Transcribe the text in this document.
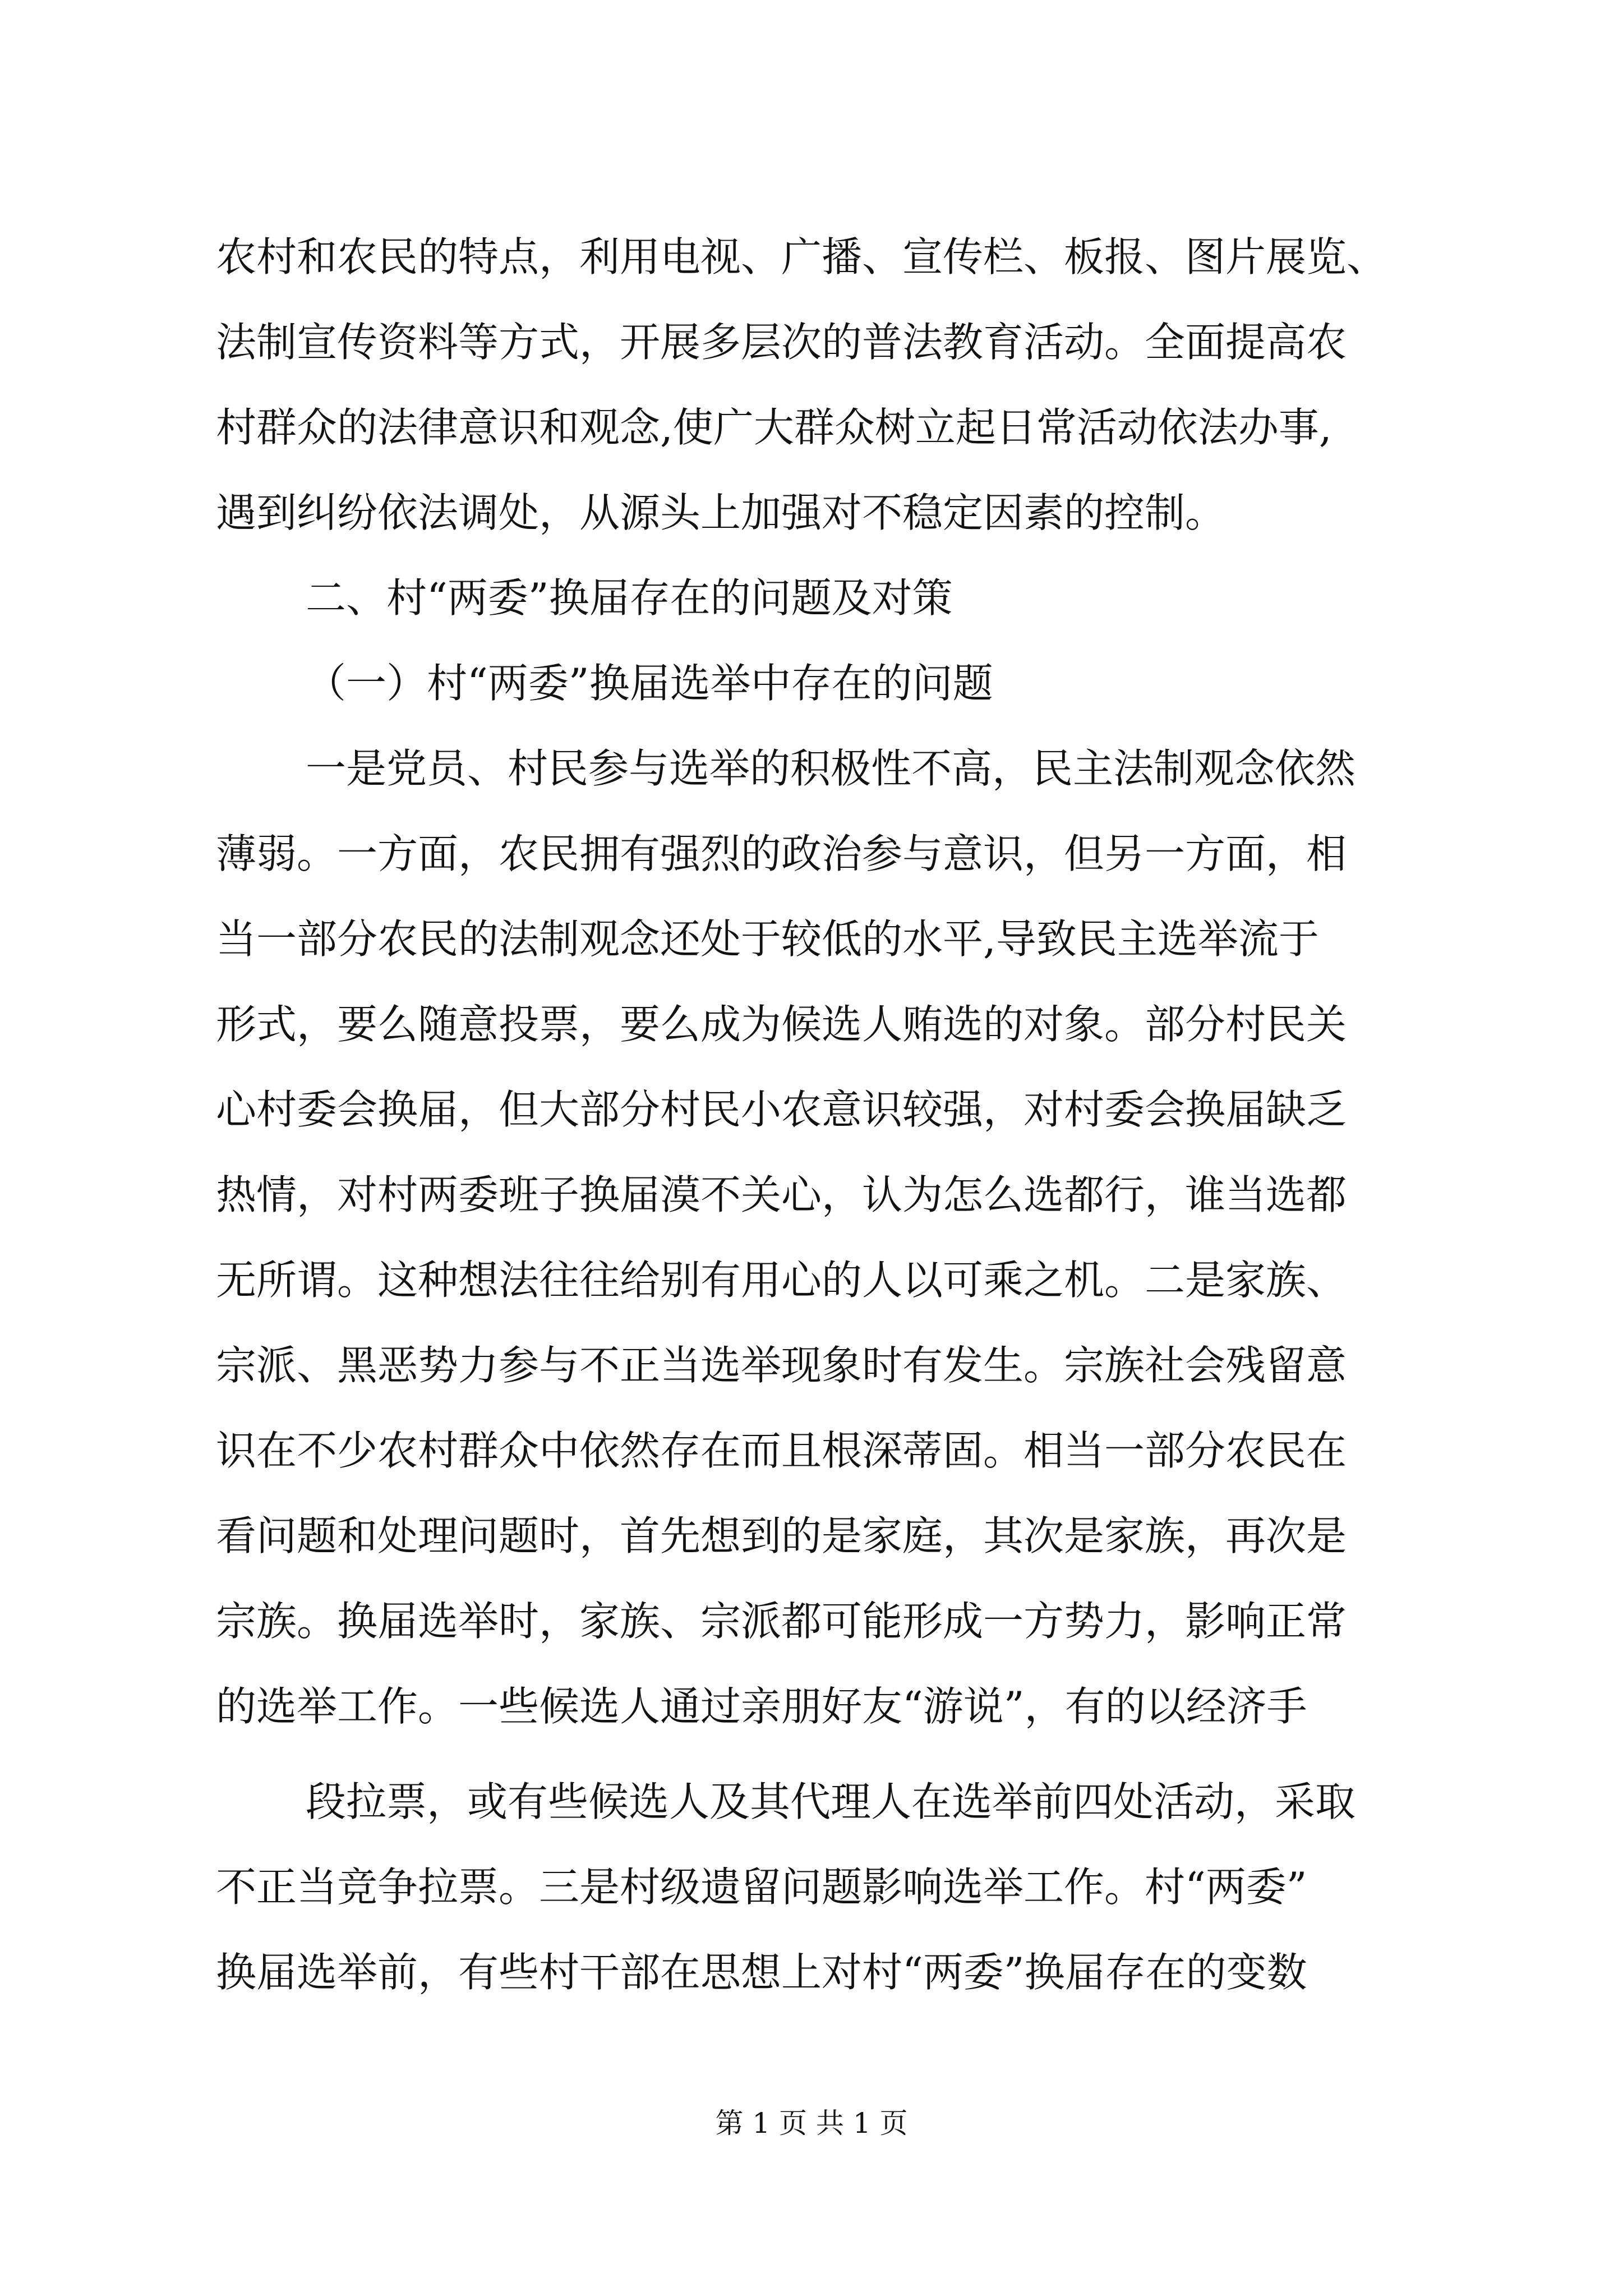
农村和农民的特点，利用电视、广播、宣传栏、板报、图片展览、
法制宣传资料等方式，开展多层次的普法教育活动。全面提高农
村群众的法律意识和观念,使广大群众树立起日常活动依法办事,
遇到纠纷依法调处，从源头上加强对不稳定因素的控制。
二、村“两委”换届存在的问题及对策
（一）村“两委”换届选举中存在的问题
一是党员、村民参与选举的积极性不高，民主法制观念依然
薄弱。一方面，农民拥有强烈的政治参与意识，但另一方面，相
当一部分农民的法制观念还处于较低的水平,导致民主选举流于
形式，要么随意投票，要么成为候选人贿选的对象。部分村民关
心村委会换届，但大部分村民小农意识较强，对村委会换届缺乏
热情，对村两委班子换届漠不关心，认为怎么选都行，谁当选都
无所谓。这种想法往往给别有用心的人以可乘之机。二是家族、
宗派、黑恶势力参与不正当选举现象时有发生。宗族社会残留意
识在不少农村群众中依然存在而且根深蒂固。相当一部分农民在
看问题和处理问题时，首先想到的是家庭，其次是家族，再次是
宗族。换届选举时，家族、宗派都可能形成一方势力，影响正常
的选举工作。一些候选人通过亲朋好友“游说”，有的以经济手
段拉票，或有些候选人及其代理人在选举前四处活动，采取
不正当竞争拉票。三是村级遗留问题影响选举工作。村“两委”
换届选举前，有些村干部在思想上对村“两委”换届存在的变数
第 1 页 共 1 页
